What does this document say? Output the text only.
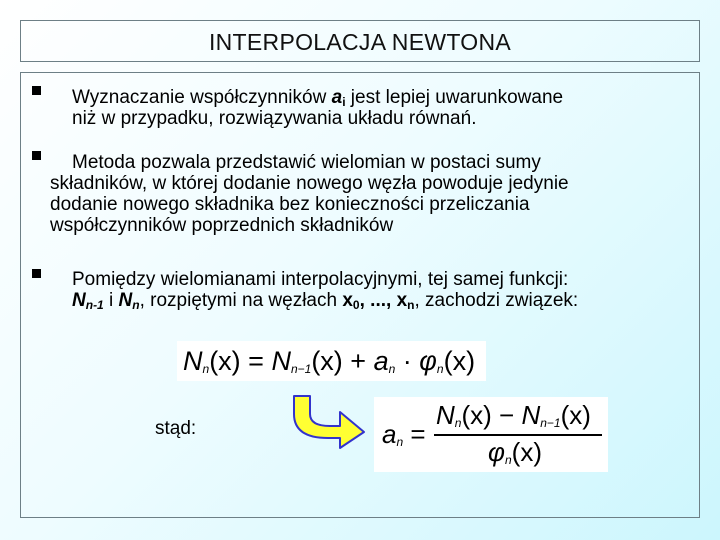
INTERPOLACJA NEWTONA
Wyznaczanie współczynników $a_i$ jest lepiej uwarunkowane
niż w przypadku, rozwiązywania układu równań.
Metoda pozwala przedstawić wielomian w postaci sumy
składników, w której dodanie nowego węzła powoduje jedynie
dodanie nowego składnika bez konieczności przeliczania
współczynników poprzednich składników
Pomiędzy wielomianami interpolacyjnymi, tej samej funkcji:
$N_{n-1}$ i $N_n$, rozpiętymi na węzłach $x_0$, ..., $x_n$, zachodzi związek:
$N_n(x) = N_{n-1}(x) + a_n \cdot \varphi_n(x)$
stąd:	$a_n$ =
$N_n(x) - N_{n-1}(x)$
$\varphi_n(x)$
